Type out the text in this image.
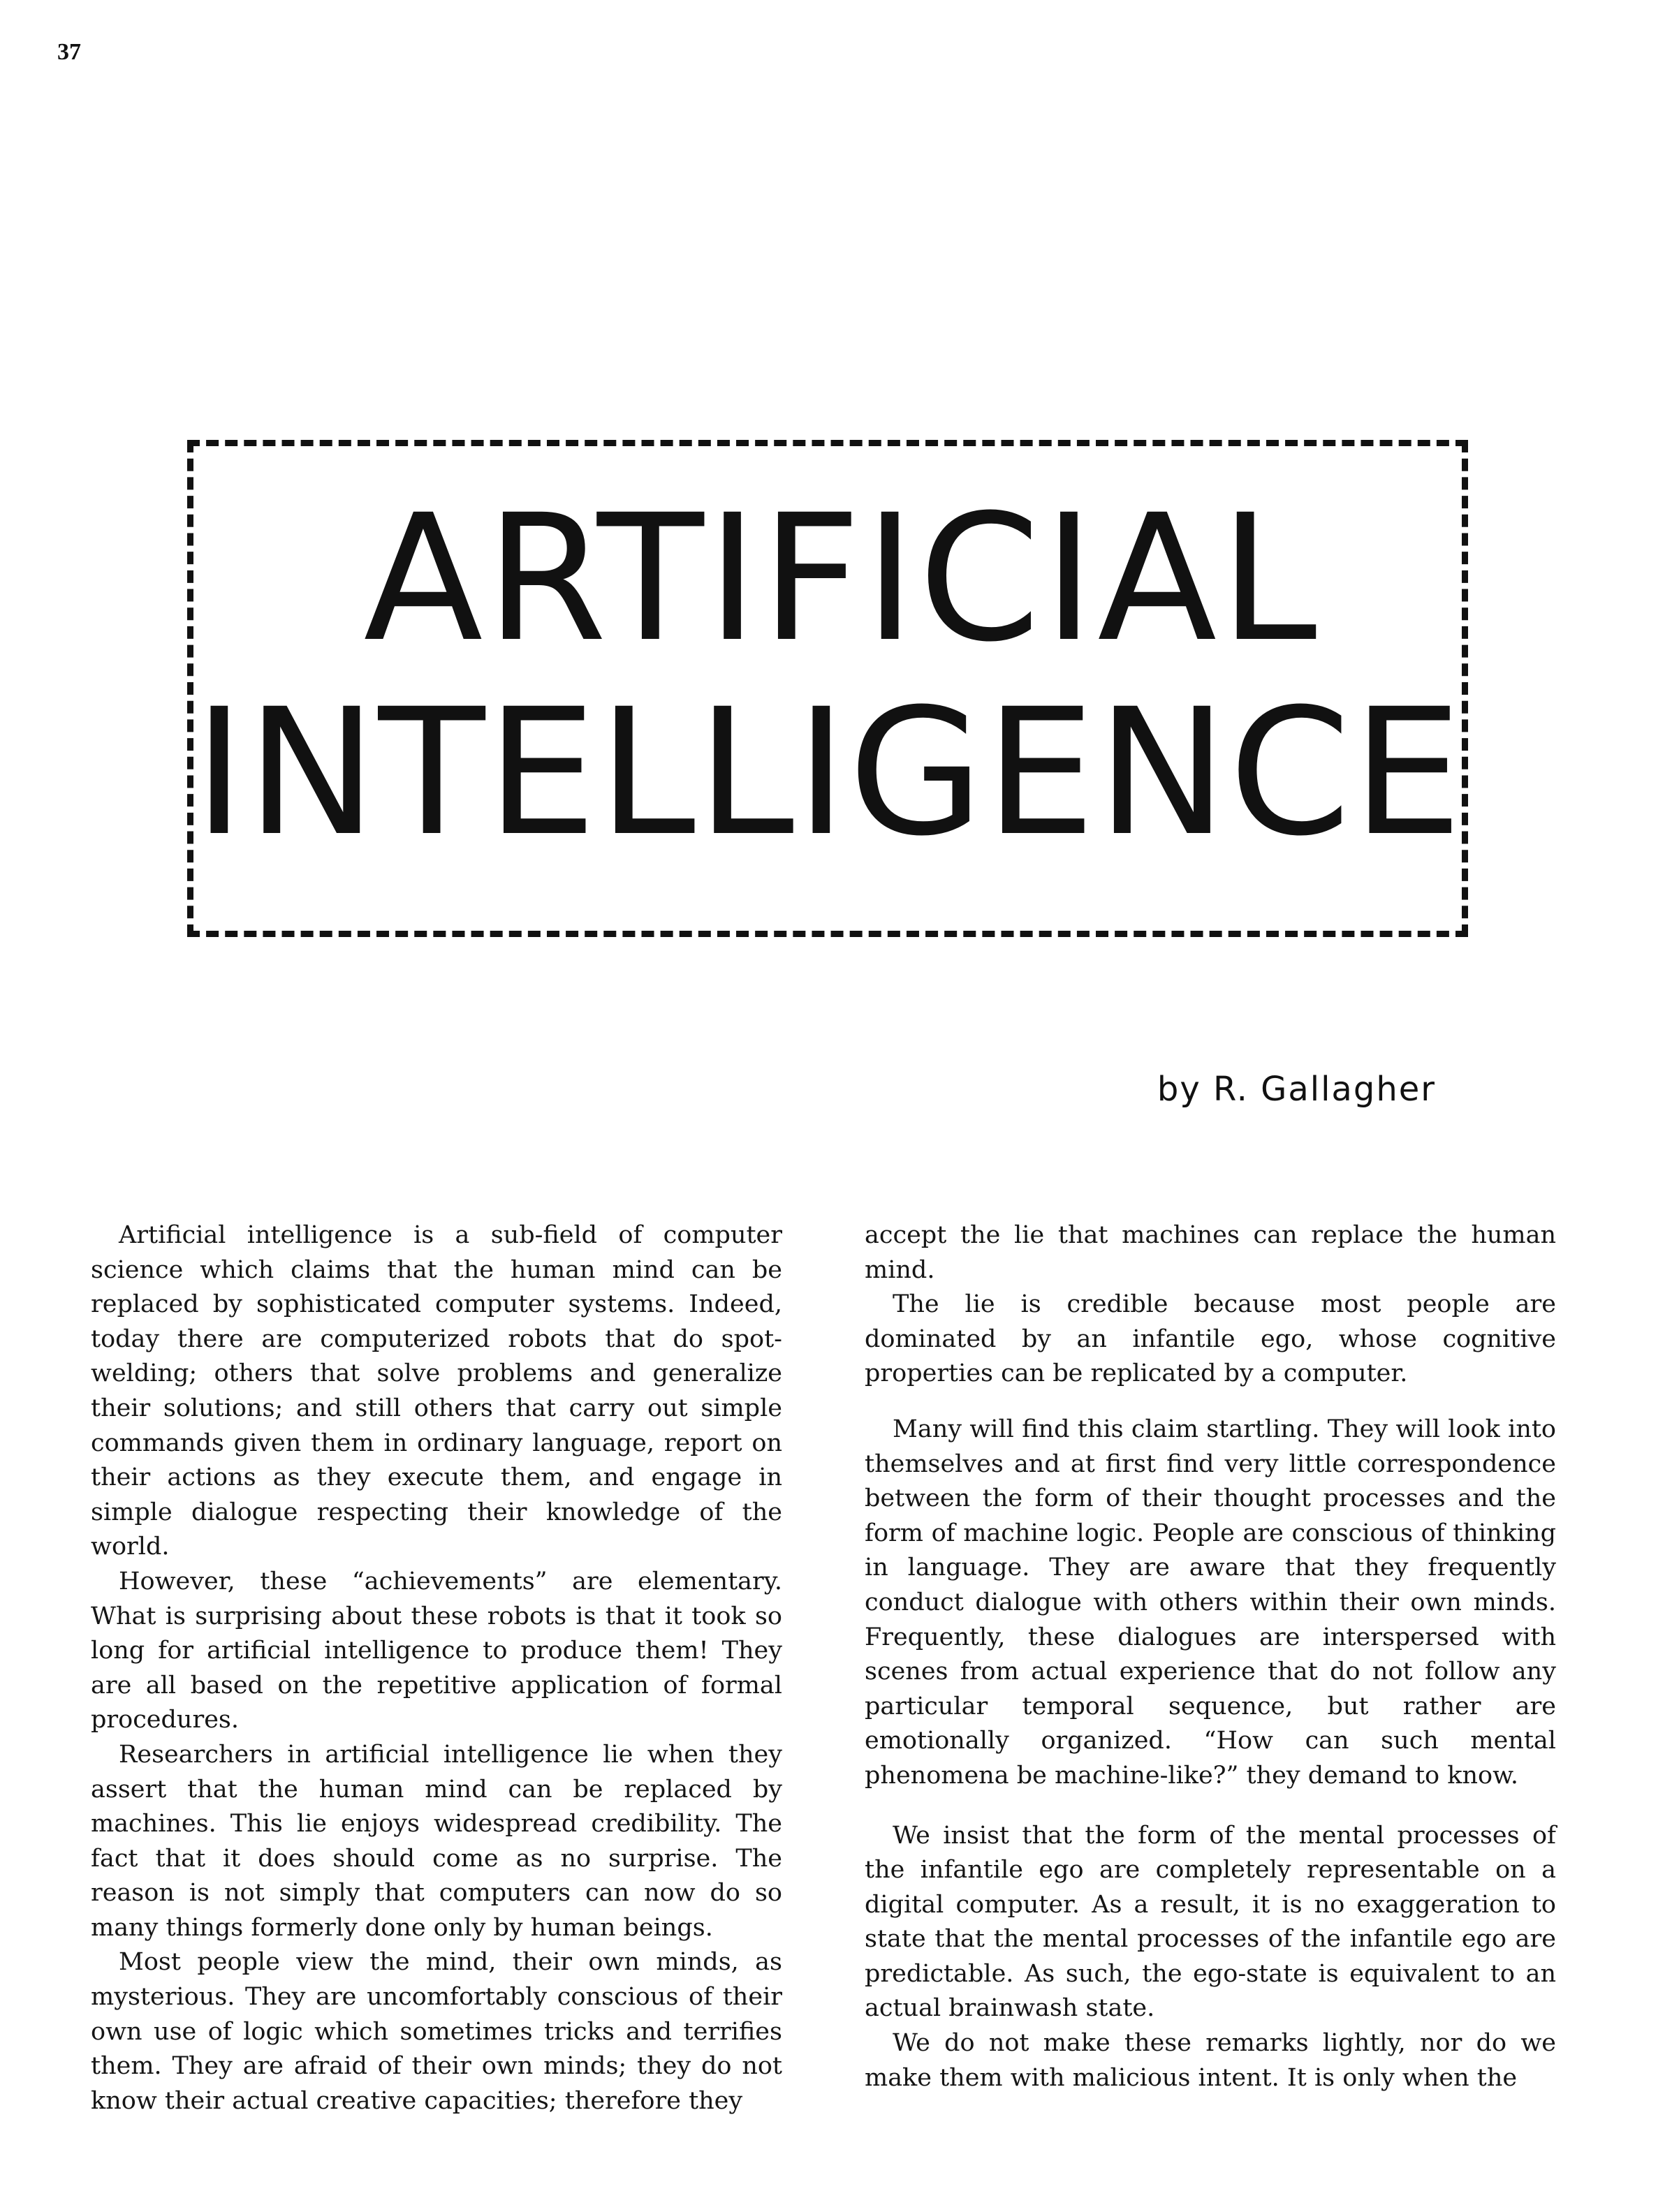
37
ARTIFICIAL
INTELLIGENCE
by R. Gallagher

Artificial intelligence is a sub-field of computer science which claims that the human mind can be replaced by sophisticated computer systems. Indeed, today there are computerized robots that do spot-welding; others that solve problems and generalize their solutions; and still others that carry out simple commands given them in ordinary language, report on their actions as they execute them, and engage in simple dialogue respecting their knowledge of the world.

However, these “achievements” are elementary. What is surprising about these robots is that it took so long for artificial intelligence to produce them! They are all based on the repetitive application of formal procedures.

Researchers in artificial intelligence lie when they assert that the human mind can be replaced by machines. This lie enjoys widespread credibility. The fact that it does should come as no surprise. The reason is not simply that computers can now do so many things formerly done only by human beings.

Most people view the mind, their own minds, as mysterious. They are uncomfortably conscious of their own use of logic which sometimes tricks and terrifies them. They are afraid of their own minds; they do not know their actual creative capacities; therefore they

accept the lie that machines can replace the human mind.

The lie is credible because most people are dominated by an infantile ego, whose cognitive properties can be replicated by a computer.

Many will find this claim startling. They will look into themselves and at first find very little correspondence between the form of their thought processes and the form of machine logic. People are conscious of thinking in language. They are aware that they frequently conduct dialogue with others within their own minds. Frequently, these dialogues are interspersed with scenes from actual experience that do not follow any particular temporal sequence, but rather are emotionally organized. “How can such mental phenomena be machine-like?” they demand to know.

We insist that the form of the mental processes of the infantile ego are completely representable on a digital computer. As a result, it is no exaggeration to state that the mental processes of the infantile ego are predictable. As such, the ego-state is equivalent to an actual brainwash state.

We do not make these remarks lightly, nor do we make them with malicious intent. It is only when the
